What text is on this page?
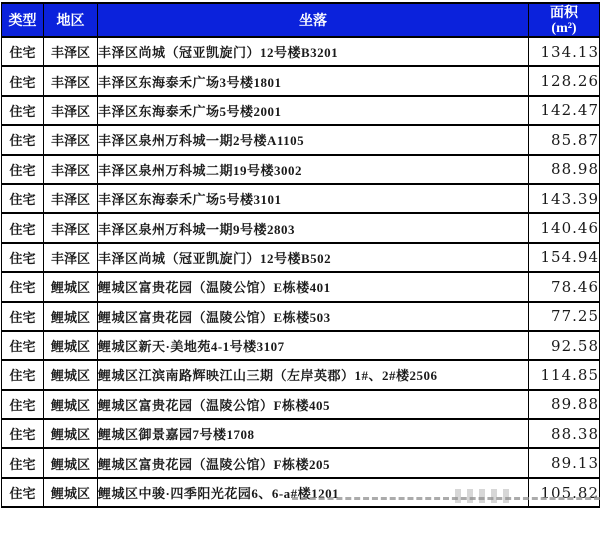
类型	地区	坐落	面积
(m²)

住宅	丰泽区	丰泽区尚城（冠亚凯旋门）12号楼B3201	134.13
住宅	丰泽区	丰泽区东海泰禾广场3号楼1801	128.26
住宅	丰泽区	丰泽区东海泰禾广场5号楼2001	142.47
住宅	丰泽区	丰泽区泉州万科城一期2号楼A1105	85.87
住宅	丰泽区	丰泽区泉州万科城二期19号楼3002	88.98
住宅	丰泽区	丰泽区东海泰禾广场5号楼3101	143.39
住宅	丰泽区	丰泽区泉州万科城一期9号楼2803	140.46
住宅	丰泽区	丰泽区尚城（冠亚凯旋门）12号楼B502	154.94
住宅	鲤城区	鲤城区富贵花园（温陵公馆）E栋楼401	78.46
住宅	鲤城区	鲤城区富贵花园（温陵公馆）E栋楼503	77.25
住宅	鲤城区	鲤城区新天·美地苑4-1号楼3107	92.58
住宅	鲤城区	鲤城区江滨南路辉映江山三期（左岸英郡）1#、2#楼2506	114.85
住宅	鲤城区	鲤城区富贵花园（温陵公馆）F栋楼405	89.88
住宅	鲤城区	鲤城区御景嘉园7号楼1708	88.38
住宅	鲤城区	鲤城区富贵花园（温陵公馆）F栋楼205	89.13
住宅	鲤城区	鲤城区中骏·四季阳光花园6、6-a#楼1201	105.82
